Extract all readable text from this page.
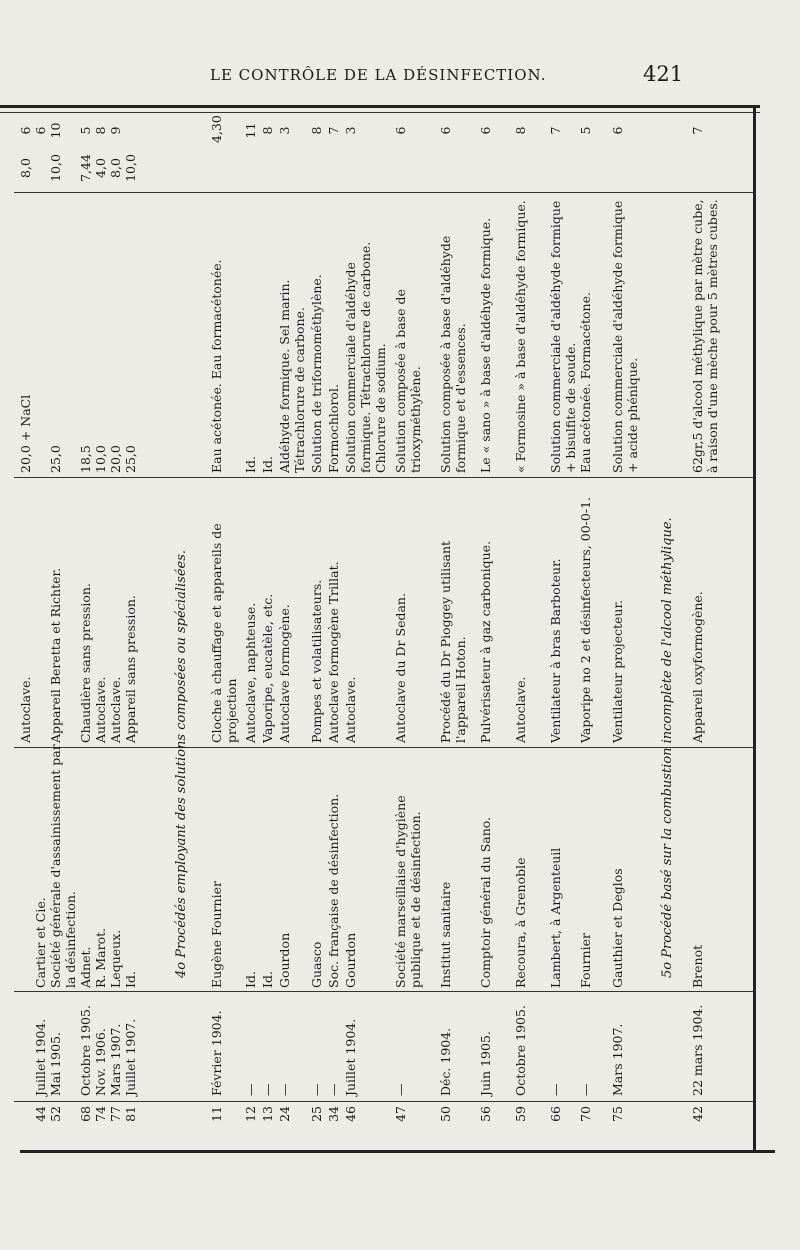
LE CONTRÔLE DE LA DÉSINFECTION.	421
Autoclave.
20,0 + NaCl
8,0
6
44
Juillet 1904.
Cartier et Cie.
6
52
Mai 1905.
Société générale d'assainissement par la désinfection.
Appareil Beretta et Richter.
25,0
10,0
10
68
Octobre 1905.
Adnet.
Chaudière sans pression.
18,5
7,44
5
74
Nov. 1906.
R. Marot.
Autoclave.
10,0
4,0
8
77
Mars 1907.
Lequeux.
Autoclave.
20,0
8,0
9
81
Juillet 1907.
Id.
Appareil sans pression.
25,0
10,0
4o Procédés employant des solutions composées ou spécialisées.
11
Février 1904.
Eugène Fournier
Cloche à chauffage et appareils de projection
Eau acétonée. Eau formacétonée.
4,30
12
—
Id.
Autoclave, naphteuse.
Id.
11
13
—
Id.
Vaporipe, eucatèle, etc.
Id.
8
24
—
Gourdon
Autoclave formogène.
Aldéhyde formique. Sel marin. Tétrachlorure de carbone.
3
25
—
Guasco
Pompes et volatilisateurs.
Solution de triformométhylène.
8
34
—
Soc. française de désinfection.
Autoclave formogène Trillat.
Formochlorol.
7
46
Juillet 1904.
Gourdon
Autoclave.
Solution commerciale d'aldéhyde formique. Tétrachlorure de carbone. Chlorure de sodium.
3
47
—
Société marseillaise d'hygiène publique et de désinfection.
Autoclave du Dr Sedan.
Solution composée à base de trioxyméthylène.
6
50
Déc. 1904.
Institut sanitaire
Procédé du Dr Pioggey utilisant l'appareil Hoton.
Solution composée à base d'aldéhyde formique et d'essences.
6
56
Juin 1905.
Comptoir général du Sano.
Pulvérisateur à gaz carbonique.
Le « sano » à base d'aldéhyde formique.
6
59
Octobre 1905.
Recoura, à Grenoble
Autoclave.
« Formosine » à base d'aldéhyde formique.
8
66
—
Lambert, à Argenteuil
Ventilateur à bras Barboteur.
Solution commerciale d'aldéhyde formique + bisulfite de soude.
7
70
—
Fournier
Vaporipe no 2 et désinfecteurs, 00-0-1.
Eau acétonée. Formacétone.
5
75
Mars 1907.
Gauthier et Deglos
Ventilateur projecteur.
Solution commerciale d'aldéhyde formique + acide phénique.
6
5o Procédé basé sur la combustion incomplète de l'alcool méthylique.
42
22 mars 1904.
Brenot
Appareil oxyformogène.
62gr,5 d'alcool méthylique par mètre cube, à raison d'une mèche pour 5 mètres cubes.
7
